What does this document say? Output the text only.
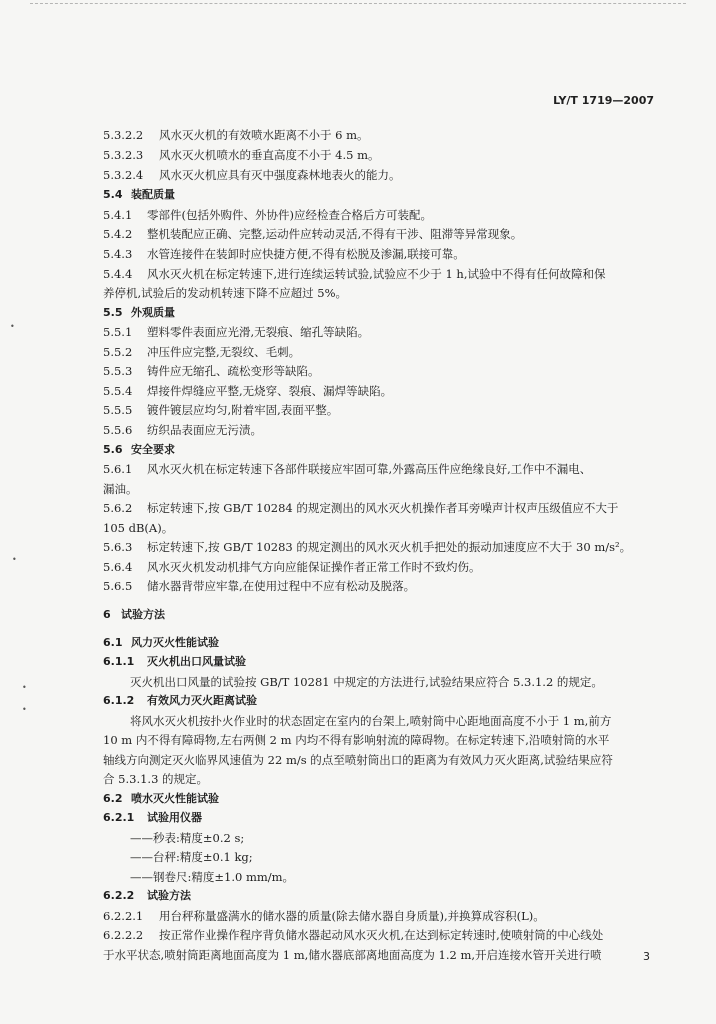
LY/T 1719—2007
5.3.2.2 风水灭火机的有效喷水距离不小于 6 m。
5.3.2.3 风水灭火机喷水的垂直高度不小于 4.5 m。
5.3.2.4 风水灭火机应具有灭中强度森林地表火的能力。
5.4 装配质量
5.4.1 零部件(包括外购件、外协件)应经检查合格后方可装配。
5.4.2 整机装配应正确、完整,运动件应转动灵活,不得有干涉、阻滞等异常现象。
5.4.3 水管连接件在装卸时应快捷方便,不得有松脱及渗漏,联接可靠。
5.4.4 风水灭火机在标定转速下,进行连续运转试验,试验应不少于 1 h,试验中不得有任何故障和保
养停机,试验后的发动机转速下降不应超过 5%。
5.5 外观质量
5.5.1 塑料零件表面应光滑,无裂痕、缩孔等缺陷。
5.5.2 冲压件应完整,无裂纹、毛刺。
5.5.3 铸件应无缩孔、疏松变形等缺陷。
5.5.4 焊接件焊缝应平整,无烧穿、裂痕、漏焊等缺陷。
5.5.5 镀件镀层应均匀,附着牢固,表面平整。
5.5.6 纺织品表面应无污渍。
5.6 安全要求
5.6.1 风水灭火机在标定转速下各部件联接应牢固可靠,外露高压件应绝缘良好,工作中不漏电、
漏油。
5.6.2 标定转速下,按 GB/T 10284 的规定测出的风水灭火机操作者耳旁噪声计权声压级值应不大于
105 dB(A)。
5.6.3 标定转速下,按 GB/T 10283 的规定测出的风水灭火机手把处的振动加速度应不大于 30 m/s²。
5.6.4 风水灭火机发动机排气方向应能保证操作者正常工作时不致灼伤。
5.6.5 储水器背带应牢靠,在使用过程中不应有松动及脱落。
6 试验方法
6.1 风力灭火性能试验
6.1.1 灭火机出口风量试验
灭火机出口风量的试验按 GB/T 10281 中规定的方法进行,试验结果应符合 5.3.1.2 的规定。
6.1.2 有效风力灭火距离试验
将风水灭火机按扑火作业时的状态固定在室内的台架上,喷射筒中心距地面高度不小于 1 m,前方
10 m 内不得有障碍物,左右两侧 2 m 内均不得有影响射流的障碍物。在标定转速下,沿喷射筒的水平
轴线方向测定灭火临界风速值为 22 m/s 的点至喷射筒出口的距离为有效风力灭火距离,试验结果应符
合 5.3.1.3 的规定。
6.2 喷水灭火性能试验
6.2.1 试验用仪器
——秒表:精度±0.2 s;
——台秤:精度±0.1 kg;
——钢卷尺:精度±1.0 mm/m。
6.2.2 试验方法
6.2.2.1 用台秤称量盛满水的储水器的质量(除去储水器自身质量),并换算成容积(L)。
6.2.2.2 按正常作业操作程序背负储水器起动风水灭火机,在达到标定转速时,使喷射筒的中心线处
于水平状态,喷射筒距离地面高度为 1 m,储水器底部离地面高度为 1.2 m,开启连接水管开关进行喷	3
•
•
•
•
